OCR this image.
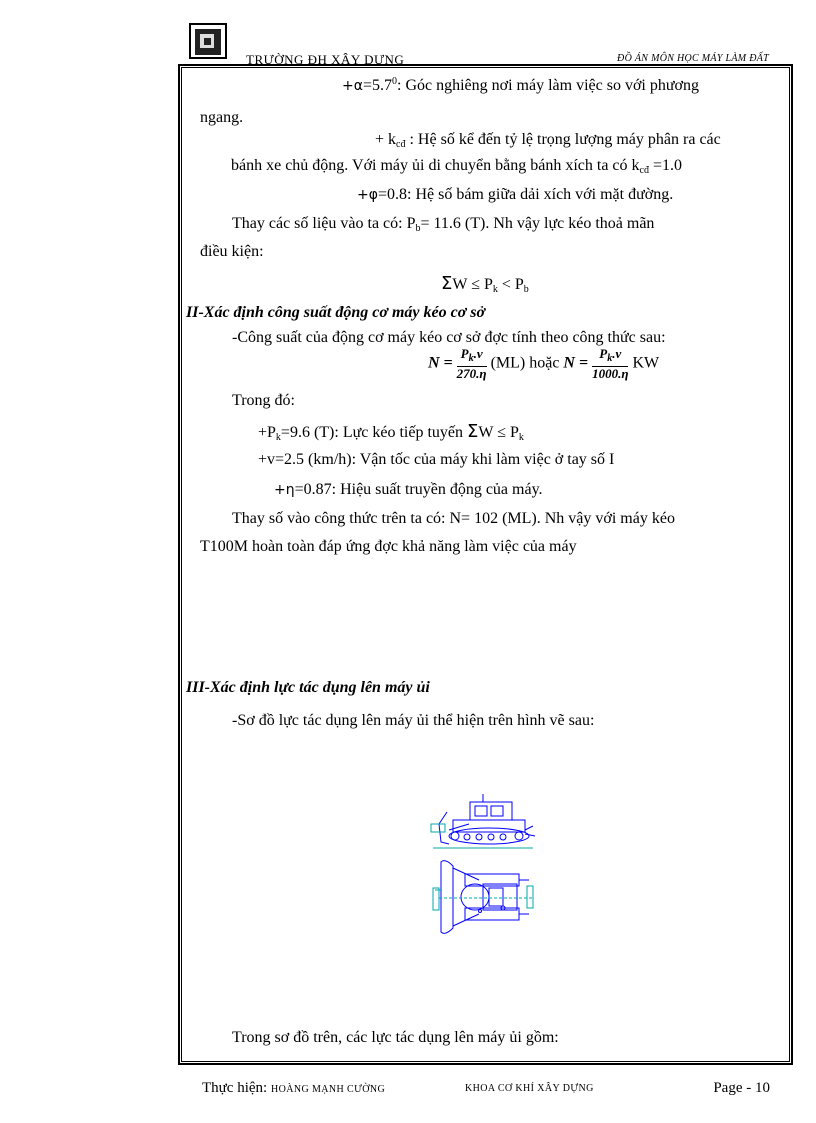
TRƯỜNG ĐH XÂY DỰNG	ĐỒ ÁN MÔN HỌC MÁY LÀM ĐẤT
$+\alpha=5.7^0$: Góc nghiêng nơi máy làm việc so với phương
ngang.
+ $k_{cđ}$ : Hệ số kể đến tỷ lệ trọng lượng máy phân ra các
bánh xe chủ động. Với máy ủi di chuyển bằng bánh xích ta có $k_{cđ} =1.0$
+φ=0.8: Hệ số bám giữa dải xích với mặt đường.
Thay các số liệu vào ta có: $P_b= 11.6$ (T). Nh vậy lực kéo thoả mãn
điều kiện:
$\Sigma W \le P_k < P_b$
II-Xác định công suất động cơ máy kéo cơ sở
-Công suất của động cơ máy kéo cơ sở đợc tính theo công thức sau:
$N = \frac{P_k.v}{270.\eta} (ML)$ hoặc $N = \frac{P_k.v}{1000.\eta}$ KW
Trong đó:
$+P_k=9.6$ (T): Lực kéo tiếp tuyến $\Sigma W \le P_k$
+v=2.5 (km/h): Vận tốc của máy khi làm việc ở tay số I
+η=0.87: Hiệu suất truyền động của máy.
Thay số vào công thức trên ta có: N= 102 (ML). Nh vậy với máy kéo
T100M hoàn toàn đáp ứng đợc khả năng làm việc của máy
III-Xác định lực tác dụng lên máy ủi
-Sơ đồ lực tác dụng lên máy ủi thể hiện trên hình vẽ sau:
Trong sơ đồ trên, các lực tác dụng lên máy ủi gồm:
Thực hiện: HOÀNG MẠNH CƯỜNG	KHOA CƠ KHÍ XÂY DỰNG	Page - 10
